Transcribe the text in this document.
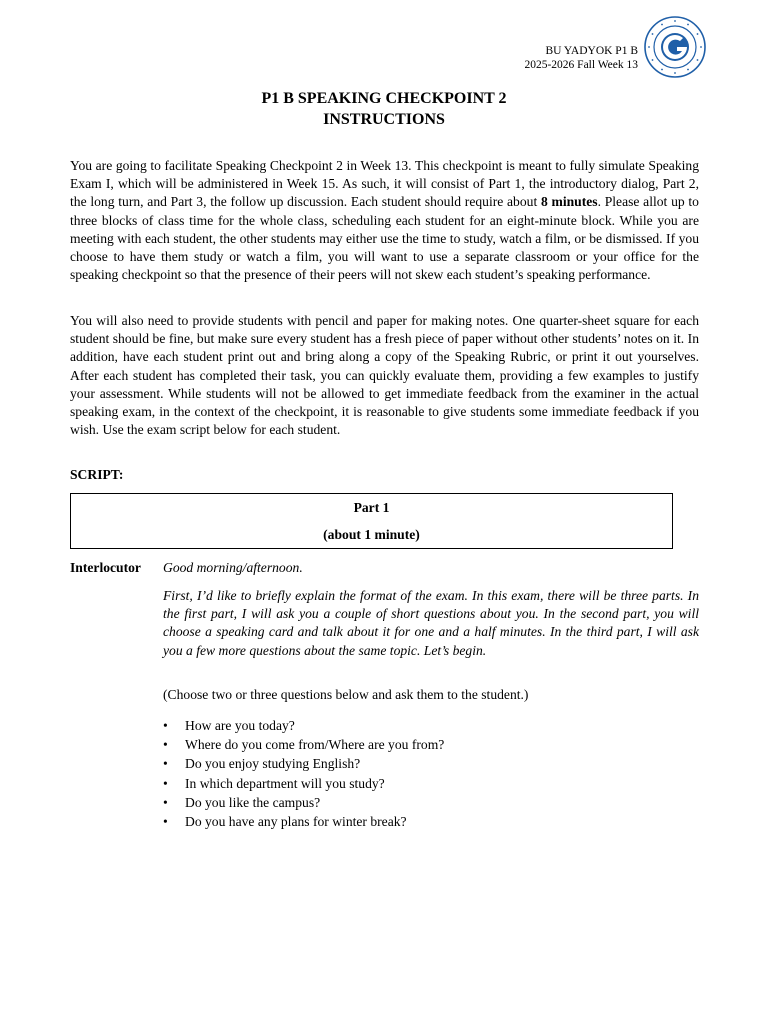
BU YADYOK P1 B
2025-2026 Fall Week 13
P1 B SPEAKING CHECKPOINT 2
INSTRUCTIONS
You are going to facilitate Speaking Checkpoint 2 in Week 13. This checkpoint is meant to fully simulate Speaking Exam I, which will be administered in Week 15. As such, it will consist of Part 1, the introductory dialog, Part 2, the long turn, and Part 3, the follow up discussion. Each student should require about 8 minutes. Please allot up to three blocks of class time for the whole class, scheduling each student for an eight-minute block. While you are meeting with each student, the other students may either use the time to study, watch a film, or be dismissed. If you choose to have them study or watch a film, you will want to use a separate classroom or your office for the speaking checkpoint so that the presence of their peers will not skew each student’s speaking performance.
You will also need to provide students with pencil and paper for making notes. One quarter-sheet square for each student should be fine, but make sure every student has a fresh piece of paper without other students’ notes on it. In addition, have each student print out and bring along a copy of the Speaking Rubric, or print it out yourselves. After each student has completed their task, you can quickly evaluate them, providing a few examples to justify your assessment. While students will not be allowed to get immediate feedback from the examiner in the actual speaking exam, in the context of the checkpoint, it is reasonable to give students some immediate feedback if you wish. Use the exam script below for each student.
SCRIPT:
Part 1
(about 1 minute)
Interlocutor Good morning/afternoon.
First, I’d like to briefly explain the format of the exam. In this exam, there will be three parts. In the first part, I will ask you a couple of short questions about you. In the second part, you will choose a speaking card and talk about it for one and a half minutes. In the third part, I will ask you a few more questions about the same topic. Let’s begin.
(Choose two or three questions below and ask them to the student.)
• How are you today?
• Where do you come from/Where are you from?
• Do you enjoy studying English?
• In which department will you study?
• Do you like the campus?
• Do you have any plans for winter break?
